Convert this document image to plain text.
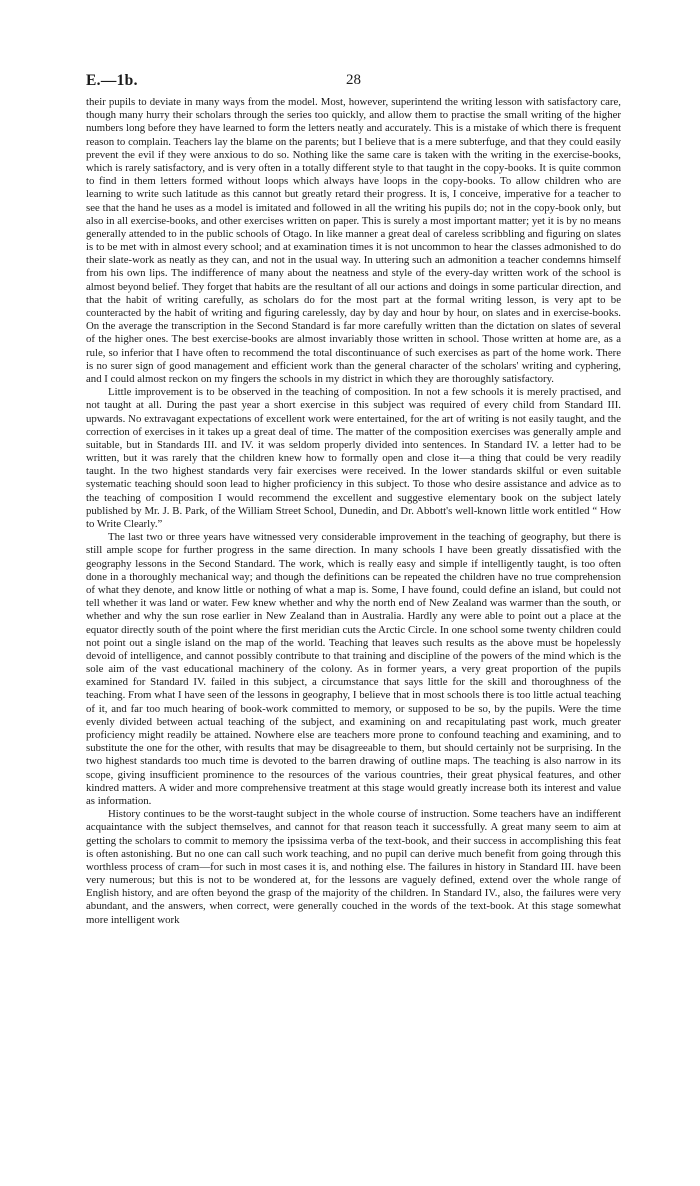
E.—1b.	28

their pupils to deviate in many ways from the model. Most, however, superintend the writing lesson with satisfactory care, though many hurry their scholars through the series too quickly, and allow them to practise the small writing of the higher numbers long before they have learned to form the letters neatly and accurately. This is a mistake of which there is frequent reason to complain. Teachers lay the blame on the parents; but I believe that is a mere subterfuge, and that they could easily prevent the evil if they were anxious to do so. Nothing like the same care is taken with the writing in the exercise-books, which is rarely satisfactory, and is very often in a totally different style to that taught in the copy-books. It is quite common to find in them letters formed without loops which always have loops in the copy-books. To allow children who are learning to write such latitude as this cannot but greatly retard their progress. It is, I conceive, imperative for a teacher to see that the hand he uses as a model is imitated and followed in all the writing his pupils do; not in the copy-book only, but also in all exercise-books, and other exercises written on paper. This is surely a most important matter; yet it is by no means generally attended to in the public schools of Otago. In like manner a great deal of careless scribbling and figuring on slates is to be met with in almost every school; and at examination times it is not uncommon to hear the classes admonished to do their slate-work as neatly as they can, and not in the usual way. In uttering such an admonition a teacher condemns himself from his own lips. The indifference of many about the neatness and style of the every-day written work of the school is almost beyond belief. They forget that habits are the resultant of all our actions and doings in some particular direction, and that the habit of writing carefully, as scholars do for the most part at the formal writing lesson, is very apt to be counteracted by the habit of writing and figuring carelessly, day by day and hour by hour, on slates and in exercise-books. On the average the transcription in the Second Standard is far more carefully written than the dictation on slates of several of the higher ones. The best exercise-books are almost invariably those written in school. Those written at home are, as a rule, so inferior that I have often to recommend the total discontinuance of such exercises as part of the home work. There is no surer sign of good management and efficient work than the general character of the scholars' writing and cyphering, and I could almost reckon on my fingers the schools in my district in which they are thoroughly satisfactory.

Little improvement is to be observed in the teaching of composition. In not a few schools it is merely practised, and not taught at all. During the past year a short exercise in this subject was required of every child from Standard III. upwards. No extravagant expectations of excellent work were entertained, for the art of writing is not easily taught, and the correction of exercises in it takes up a great deal of time. The matter of the composition exercises was generally ample and suitable, but in Standards III. and IV. it was seldom properly divided into sentences. In Standard IV. a letter had to be written, but it was rarely that the children knew how to formally open and close it—a thing that could be very readily taught. In the two highest standards very fair exercises were received. In the lower standards skilful or even suitable systematic teaching should soon lead to higher proficiency in this subject. To those who desire assistance and advice as to the teaching of composition I would recommend the excellent and suggestive elementary book on the subject lately published by Mr. J. B. Park, of the William Street School, Dunedin, and Dr. Abbott's well-known little work entitled “ How to Write Clearly.”

The last two or three years have witnessed very considerable improvement in the teaching of geography, but there is still ample scope for further progress in the same direction. In many schools I have been greatly dissatisfied with the geography lessons in the Second Standard. The work, which is really easy and simple if intelligently taught, is too often done in a thoroughly mechanical way; and though the definitions can be repeated the children have no true comprehension of what they denote, and know little or nothing of what a map is. Some, I have found, could define an island, but could not tell whether it was land or water. Few knew whether and why the north end of New Zealand was warmer than the south, or whether and why the sun rose earlier in New Zealand than in Australia. Hardly any were able to point out a place at the equator directly south of the point where the first meridian cuts the Arctic Circle. In one school some twenty children could not point out a single island on the map of the world. Teaching that leaves such results as the above must be hopelessly devoid of intelligence, and cannot possibly contribute to that training and discipline of the powers of the mind which is the sole aim of the vast educational machinery of the colony. As in former years, a very great proportion of the pupils examined for Standard IV. failed in this subject, a circumstance that says little for the skill and thoroughness of the teaching. From what I have seen of the lessons in geography, I believe that in most schools there is too little actual teaching of it, and far too much hearing of book-work committed to memory, or supposed to be so, by the pupils. Were the time evenly divided between actual teaching of the subject, and examining on and recapitulating past work, much greater proficiency might readily be attained. Nowhere else are teachers more prone to confound teaching and examining, and to substitute the one for the other, with results that may be disagreeable to them, but should certainly not be surprising. In the two highest standards too much time is devoted to the barren drawing of outline maps. The teaching is also narrow in its scope, giving insufficient prominence to the resources of the various countries, their great physical features, and other kindred matters. A wider and more comprehensive treatment at this stage would greatly increase both its interest and value as information.

History continues to be the worst-taught subject in the whole course of instruction. Some teachers have an indifferent acquaintance with the subject themselves, and cannot for that reason teach it successfully. A great many seem to aim at getting the scholars to commit to memory the ipsissima verba of the text-book, and their success in accomplishing this feat is often astonishing. But no one can call such work teaching, and no pupil can derive much benefit from going through this worthless process of cram—for such in most cases it is, and nothing else. The failures in history in Standard III. have been very numerous; but this is not to be wondered at, for the lessons are vaguely defined, extend over the whole range of English history, and are often beyond the grasp of the majority of the children. In Standard IV., also, the failures were very abundant, and the answers, when correct, were generally couched in the words of the text-book. At this stage somewhat more intelligent work
